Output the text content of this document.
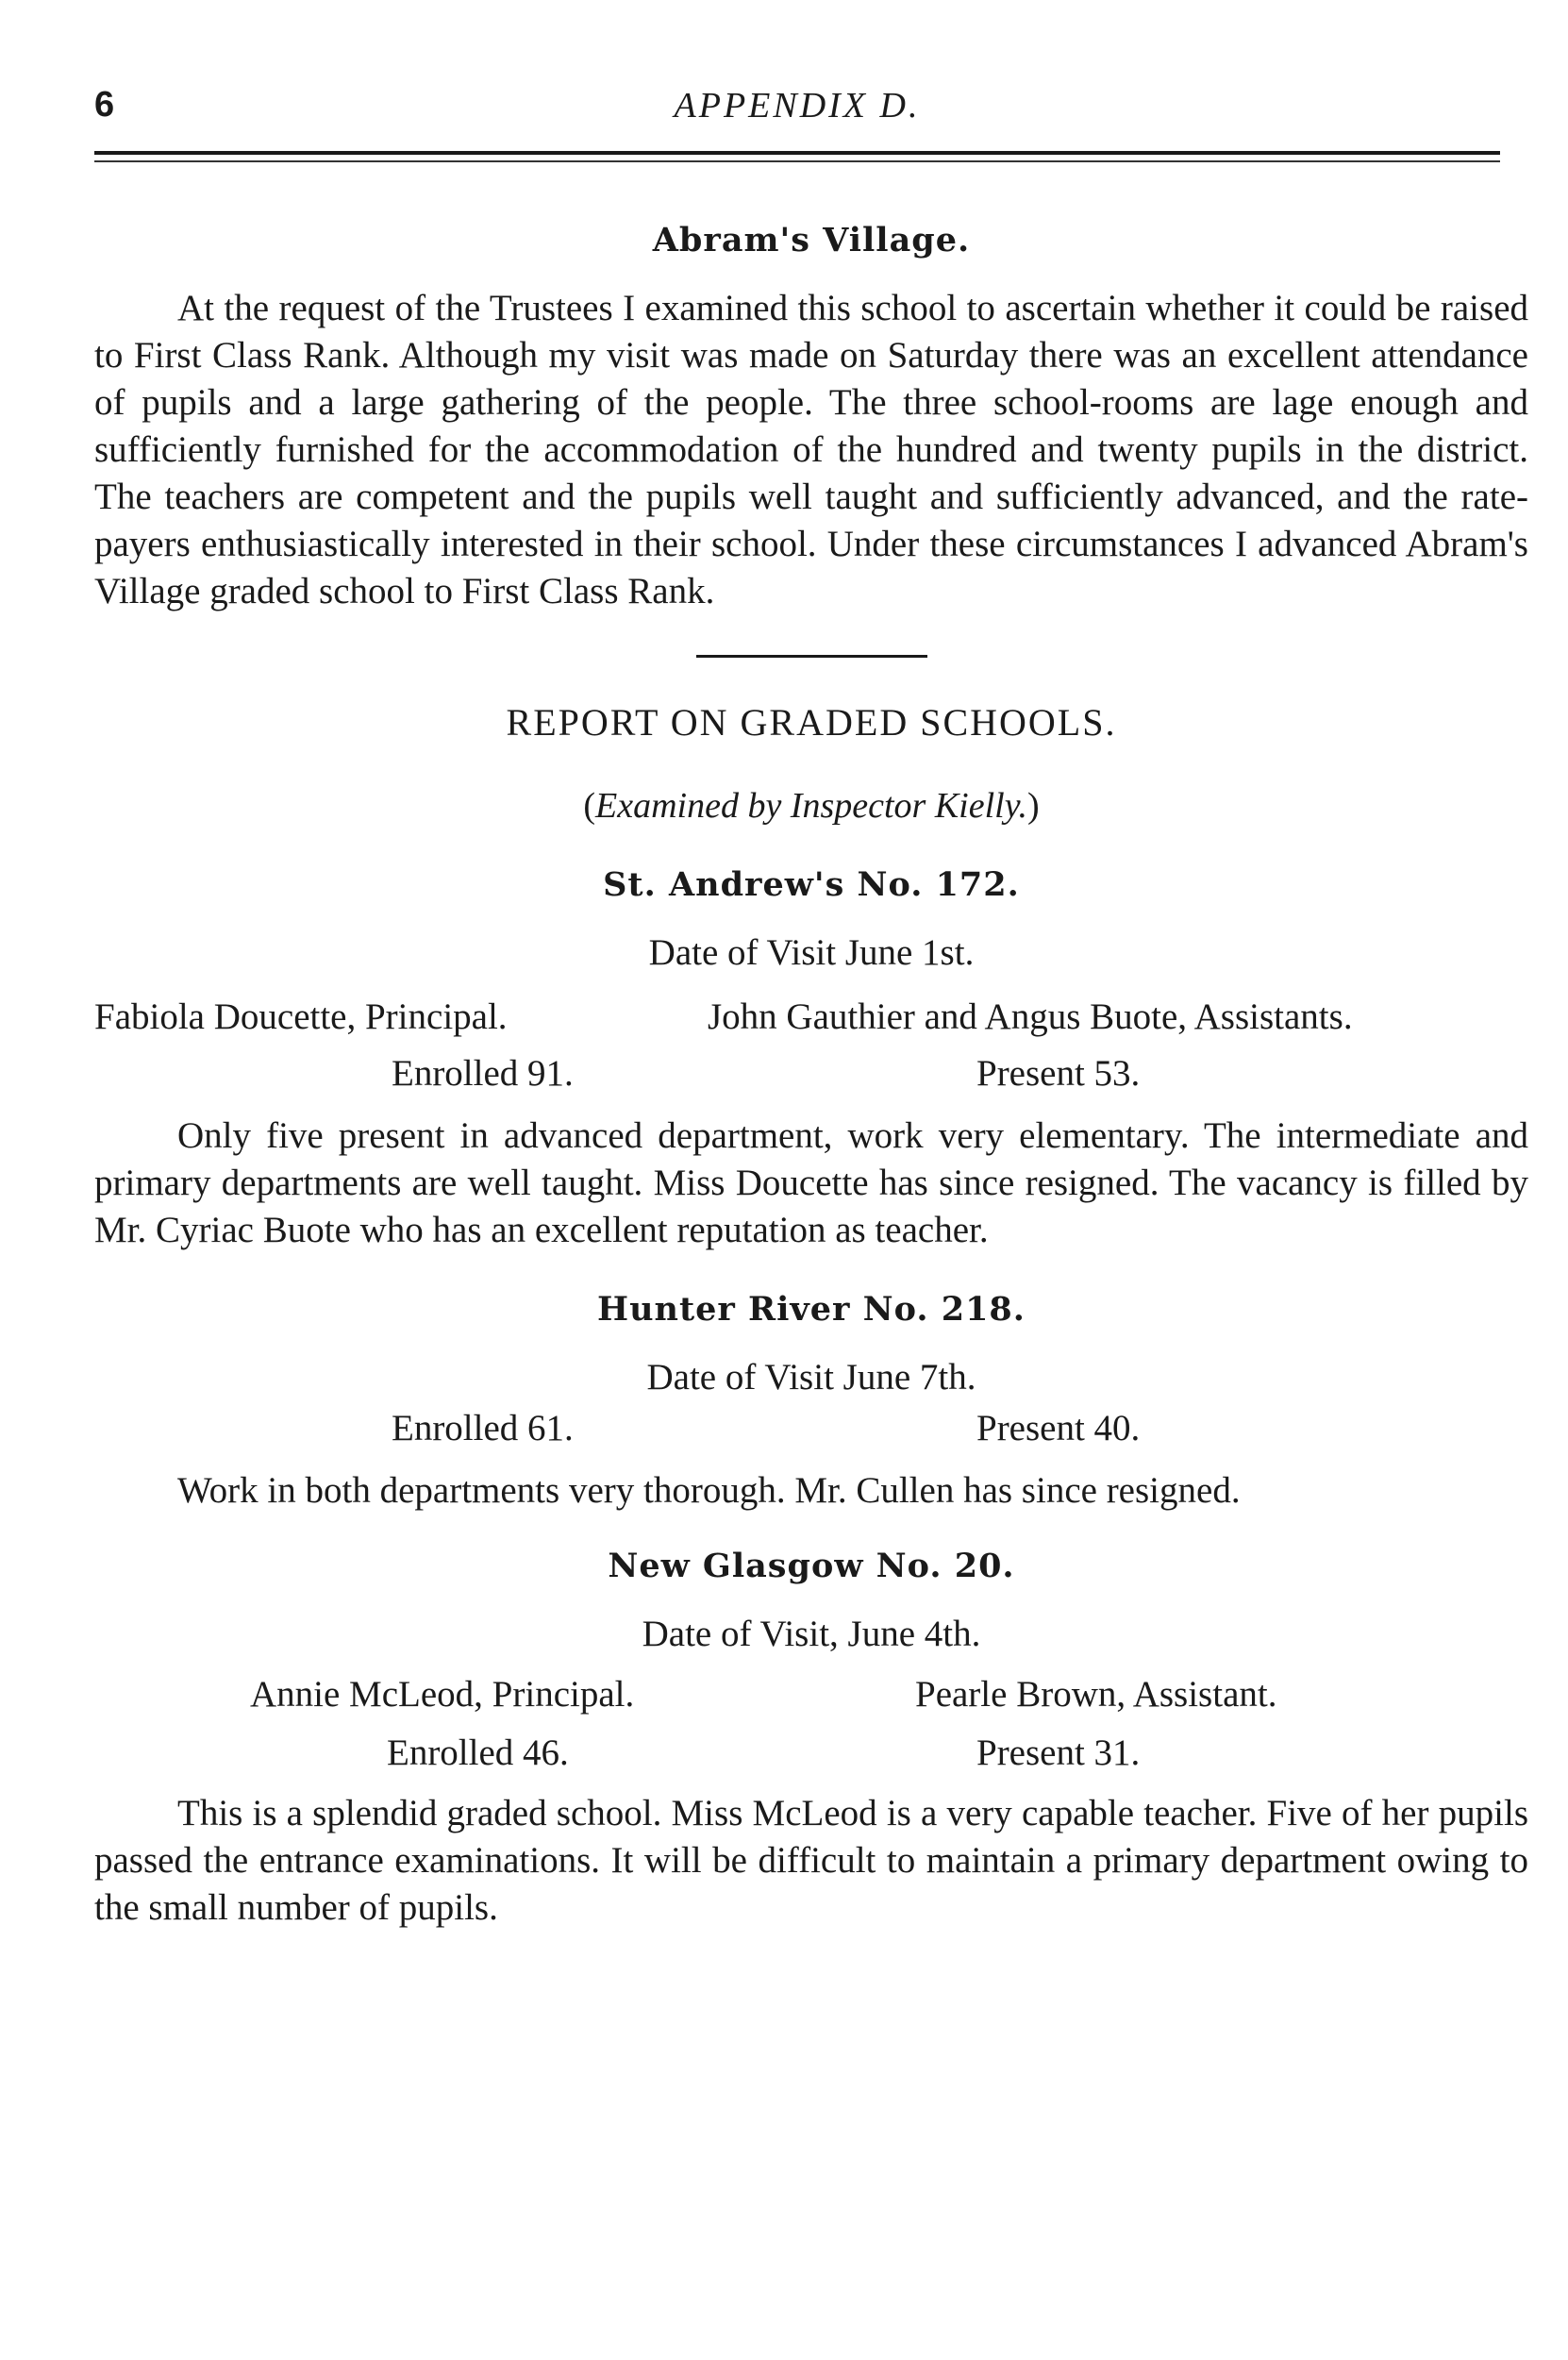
6	APPENDIX D.
Abram's Village.

At the request of the Trustees I examined this school to ascertain whether it could be raised to First Class Rank. Although my visit was made on Saturday there was an excellent attendance of pupils and a large gathering of the people. The three school-rooms are lage enough and sufficiently furnished for the accommodation of the hundred and twenty pupils in the district. The teachers are competent and the pupils well taught and sufficiently advanced, and the rate-payers enthusiastically interested in their school. Under these circumstances I advanced Abram's Village graded school to First Class Rank.

REPORT ON GRADED SCHOOLS.
(Examined by Inspector Kielly.)
St. Andrew's No. 172.

Date of Visit June 1st.

Fabiola Doucette, Principal.	John Gauthier and Angus Buote, Assistants.
Enrolled 91.	Present 53.

Only five present in advanced department, work very elementary. The intermediate and primary departments are well taught. Miss Doucette has since resigned. The vacancy is filled by Mr. Cyriac Buote who has an excellent reputation as teacher.

Hunter River No. 218.

Date of Visit June 7th.

Enrolled 61.	Present 40.

Work in both departments very thorough. Mr. Cullen has since resigned.

New Glasgow No. 20.

Date of Visit, June 4th.

Annie McLeod, Principal.	Pearle Brown, Assistant.
Enrolled 46.	Present 31.

This is a splendid graded school. Miss McLeod is a very capable teacher. Five of her pupils passed the entrance examinations. It will be difficult to maintain a primary department owing to the small number of pupils.
